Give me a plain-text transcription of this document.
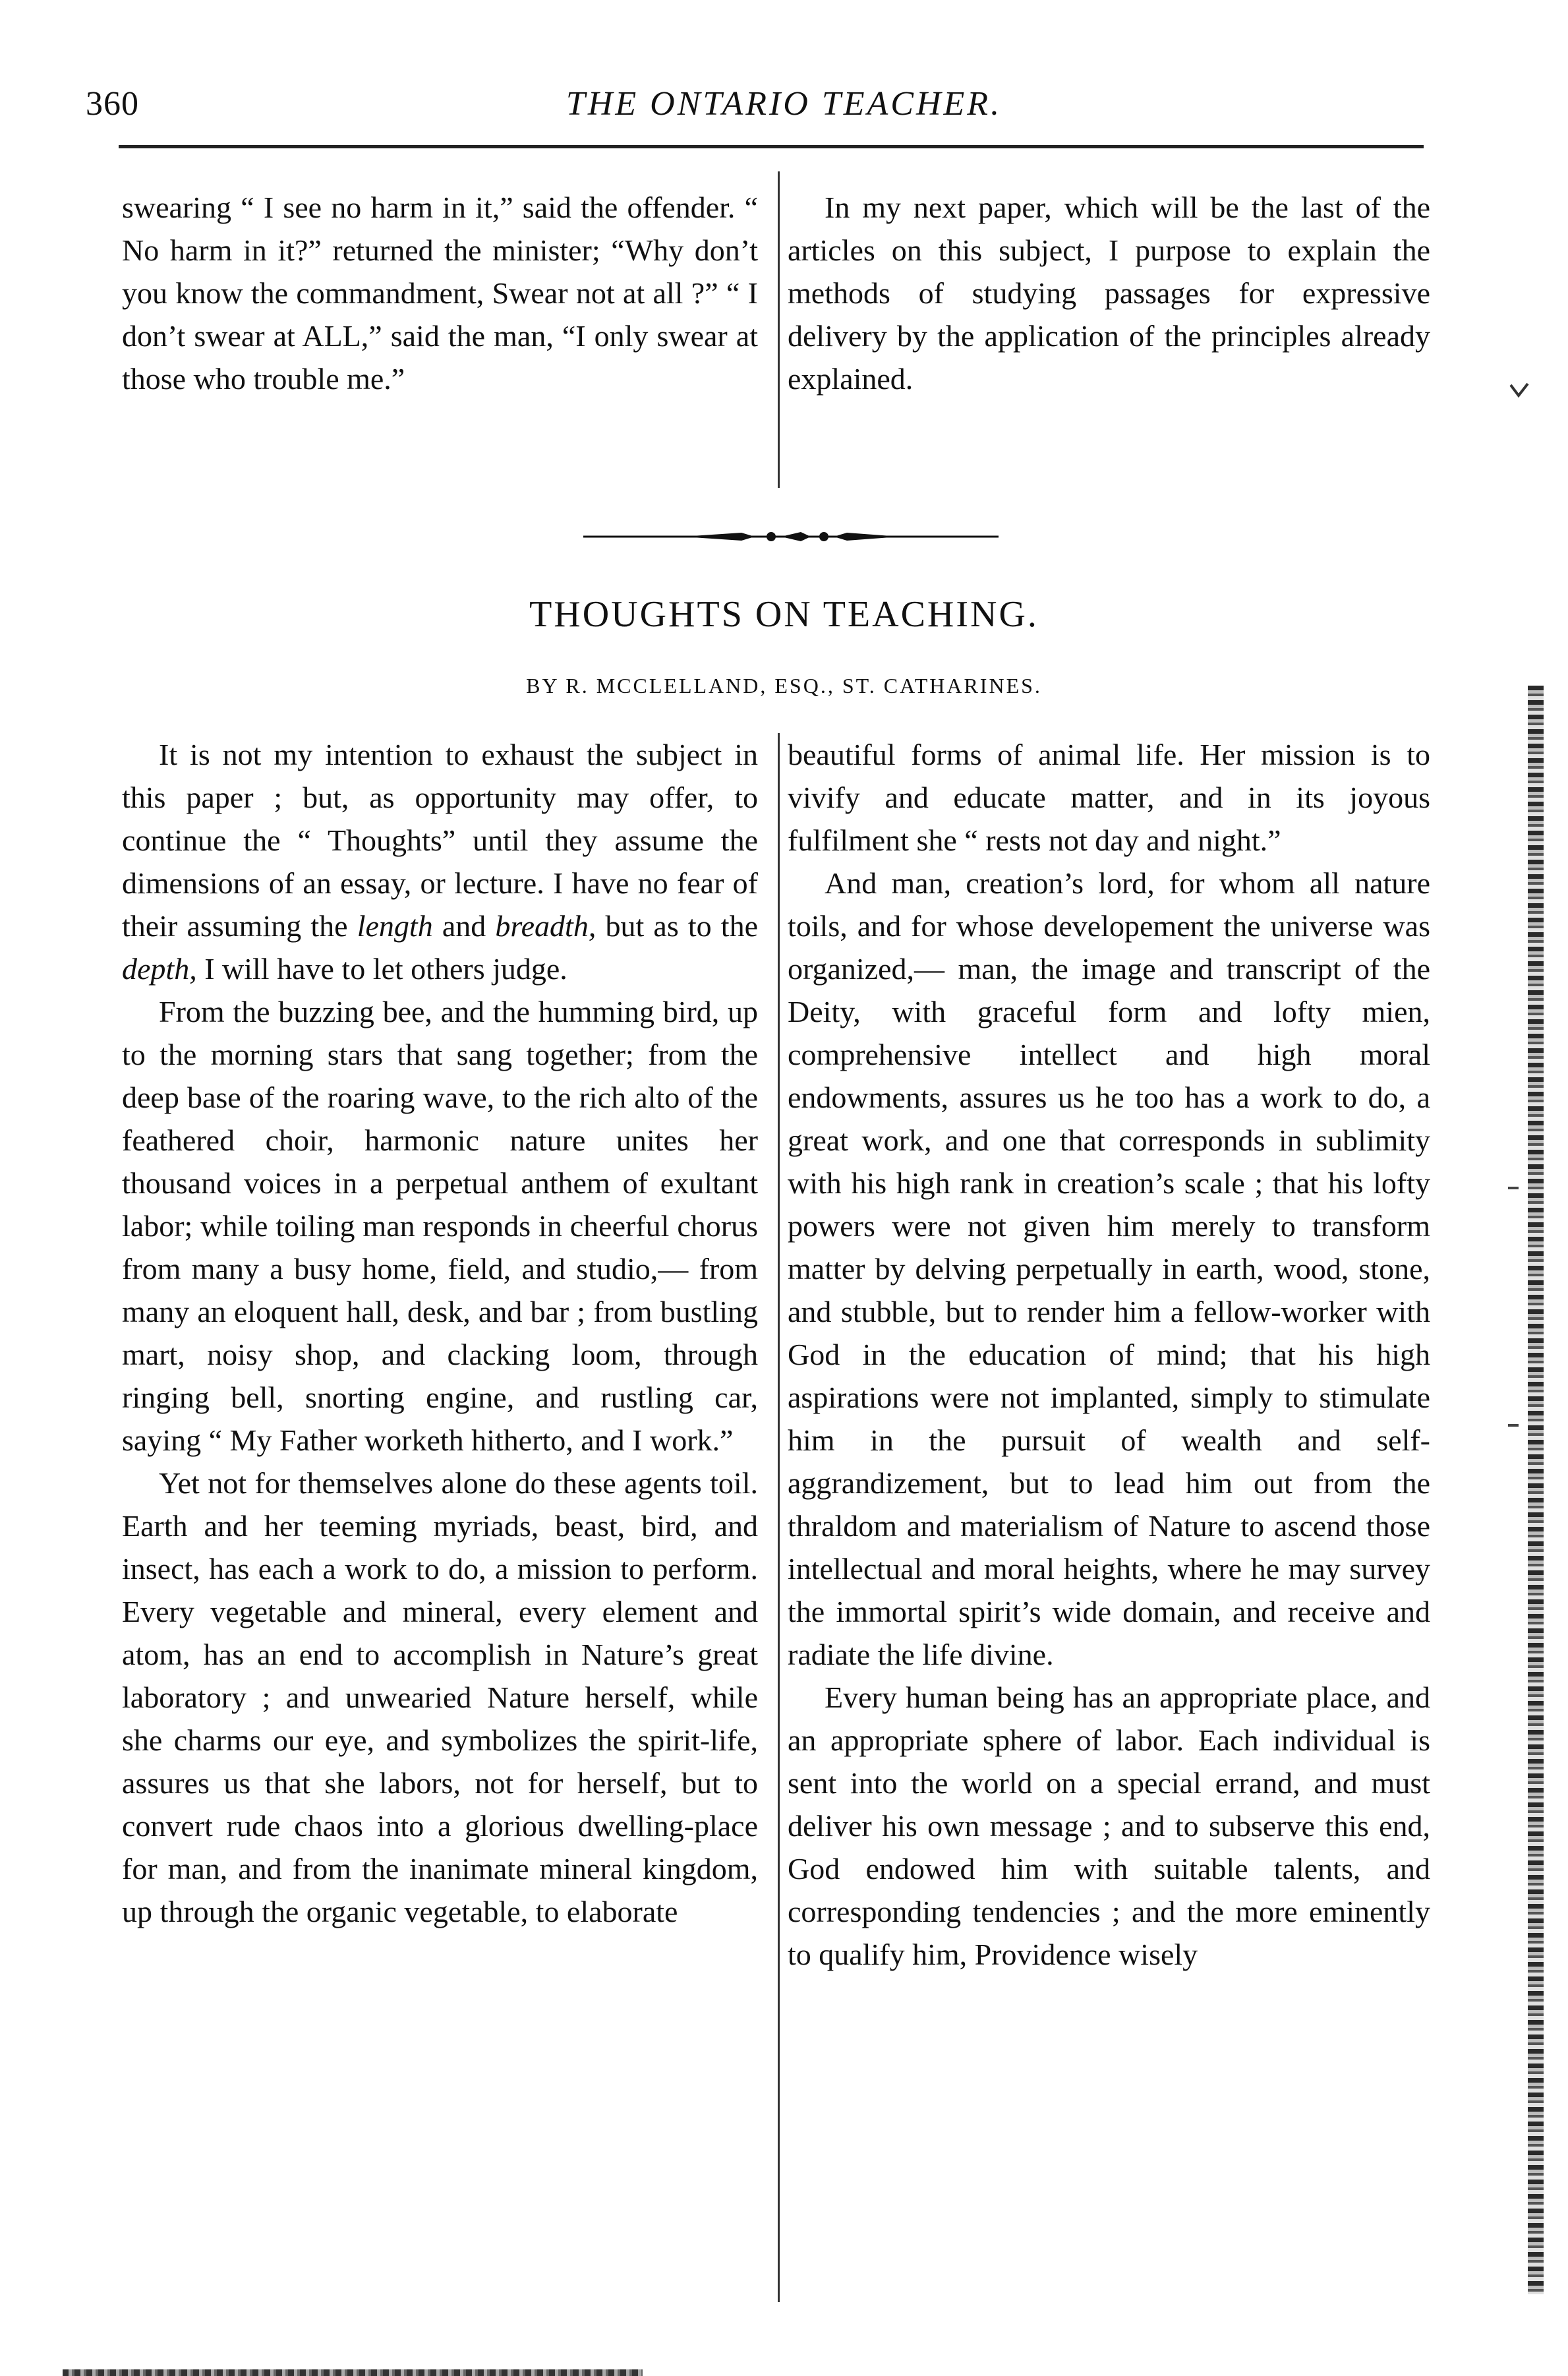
360	THE ONTARIO TEACHER.

swearing “ I see no harm in it,” said the offender. “ No harm in it?” returned the minister; “Why don’t you know the commandment, Swear not at all ?” “ I don’t swear at ALL,” said the man, “I only swear at those who trouble me.”

In my next paper, which will be the last of the articles on this subject, I purpose to explain the methods of studying passages for expressive delivery by the application of the principles already explained.

THOUGHTS ON TEACHING.
BY R. MCCLELLAND, ESQ., ST. CATHARINES.

It is not my intention to exhaust the subject in this paper ; but, as opportunity may offer, to continue the “ Thoughts” until they assume the dimensions of an essay, or lecture. I have no fear of their assuming the length and breadth, but as to the depth, I will have to let others judge.

From the buzzing bee, and the humming bird, up to the morning stars that sang together; from the deep base of the roaring wave, to the rich alto of the feathered choir, harmonic nature unites her thousand voices in a perpetual anthem of exultant labor; while toiling man responds in cheerful chorus from many a busy home, field, and studio,— from many an eloquent hall, desk, and bar ; from bustling mart, noisy shop, and clacking loom, through ringing bell, snorting engine, and rustling car, saying “ My Father worketh hitherto, and I work.”

Yet not for themselves alone do these agents toil. Earth and her teeming myriads, beast, bird, and insect, has each a work to do, a mission to perform. Every vegetable and mineral, every element and atom, has an end to accomplish in Nature’s great laboratory ; and unwearied Nature herself, while she charms our eye, and symbolizes the spirit-life, assures us that she labors, not for herself, but to convert rude chaos into a glorious dwelling-place for man, and from the inanimate mineral kingdom, up through the organic vegetable, to elaborate

beautiful forms of animal life. Her mission is to vivify and educate matter, and in its joyous fulfilment she “ rests not day and night.”

And man, creation’s lord, for whom all nature toils, and for whose developement the universe was organized,— man, the image and transcript of the Deity, with graceful form and lofty mien, comprehensive intellect and high moral endowments, assures us he too has a work to do, a great work, and one that corresponds in sublimity with his high rank in creation’s scale ; that his lofty powers were not given him merely to transform matter by delving perpetually in earth, wood, stone, and stubble, but to render him a fellow-worker with God in the education of mind; that his high aspirations were not implanted, simply to stimulate him in the pursuit of wealth and self-aggrandizement, but to lead him out from the thraldom and materialism of Nature to ascend those intellectual and moral heights, where he may survey the immortal spirit’s wide domain, and receive and radiate the life divine.

Every human being has an appropriate place, and an appropriate sphere of labor. Each individual is sent into the world on a special errand, and must deliver his own message ; and to subserve this end, God endowed him with suitable talents, and corresponding tendencies ; and the more eminently to qualify him, Providence wisely
